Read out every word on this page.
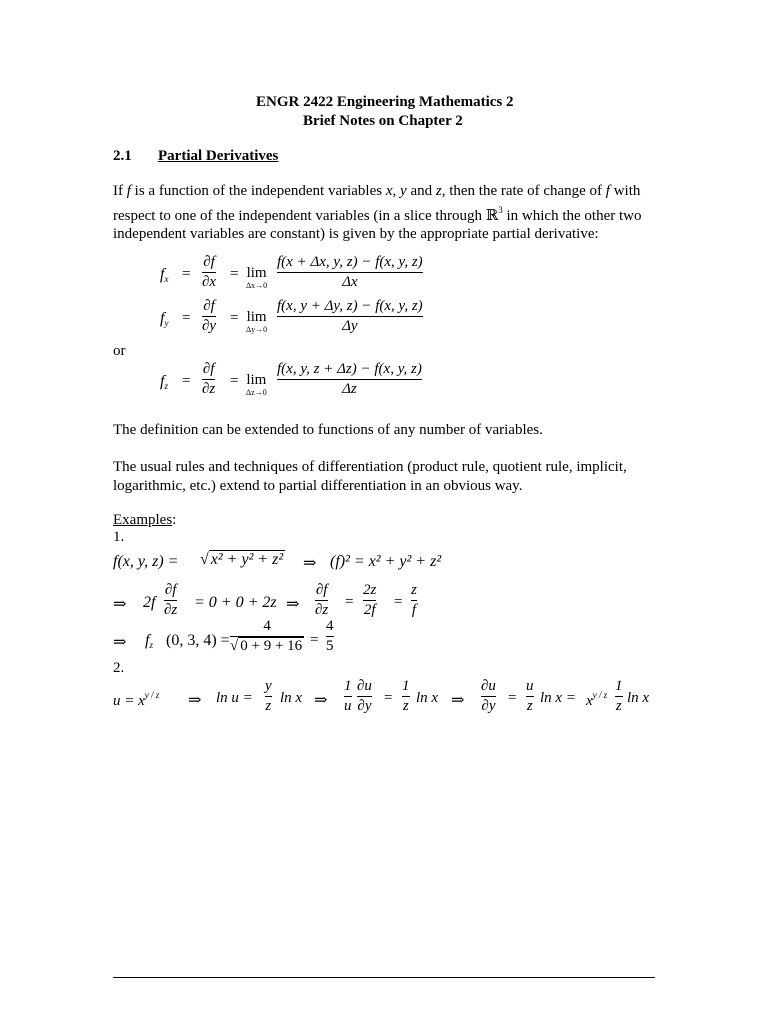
ENGR 2422 Engineering Mathematics 2
Brief Notes on Chapter 2
2.1 Partial Derivatives
If f is a function of the independent variables x, y and z, then the rate of change of f with
respect to one of the independent variables (in a slice through ℝ$^3$ in which the other two
independent variables are constant) is given by the appropriate partial derivative:
fx =
∂f
∂x = lim
Δx→0
f(x + Δx, y, z) − f(x, y, z)
Δx
fy =
∂f
∂y = lim
Δy→0
f(x, y + Δy, z) − f(x, y, z)
Δy
or
fz =
∂f
∂z = lim
Δz→0
f(x, y, z + Δz) − f(x, y, z)
Δz
The definition can be extended to functions of any number of variables.
The usual rules and techniques of differentiation (product rule, quotient rule, implicit,
logarithmic, etc.) extend to partial differentiation in an obvious way.
Examples:
1.
f(x, y, z) = √ x² + y² + z² ⇒ (f)² = x² + y² + z²
⇒ 2f
∂f
∂z = 0 + 0 + 2z ⇒
∂f
∂z =
2z
2f =
z
f
⇒ fz (0, 3, 4) =
4
√ 0 + 9 + 16 =
4
5
2.
$u = x^{y / z}$ ⇒ ln u =
y
z ln x ⇒
1
u
∂u
∂y =
1
z ln x ⇒
∂u
∂y =
u
z $\ln x = x^{y / z}$
1
z ln x
